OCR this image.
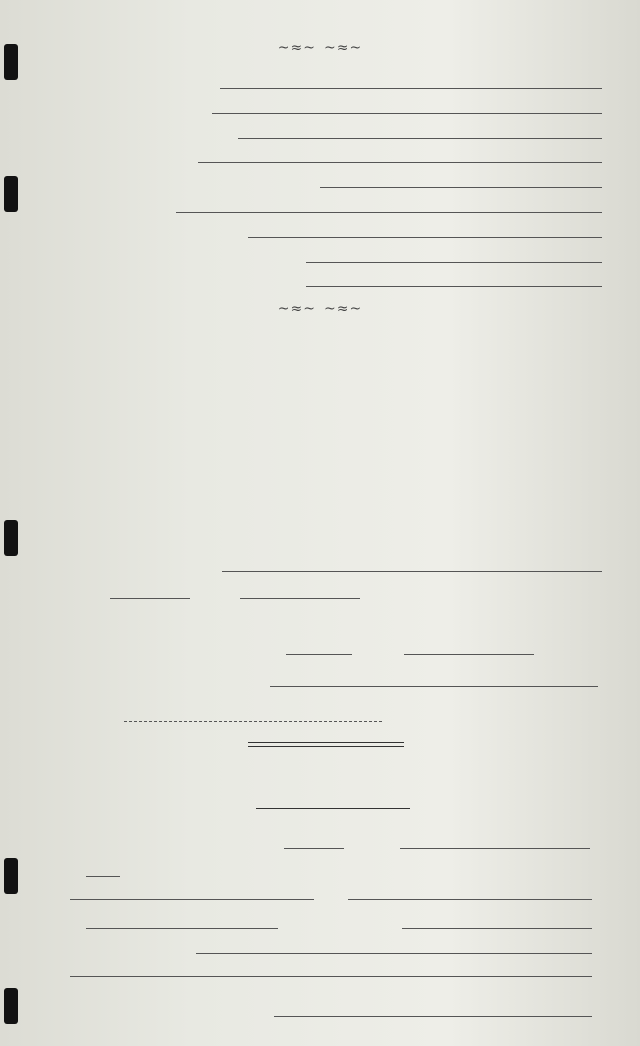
~≈~ ~≈~
~≈~ ~≈~
